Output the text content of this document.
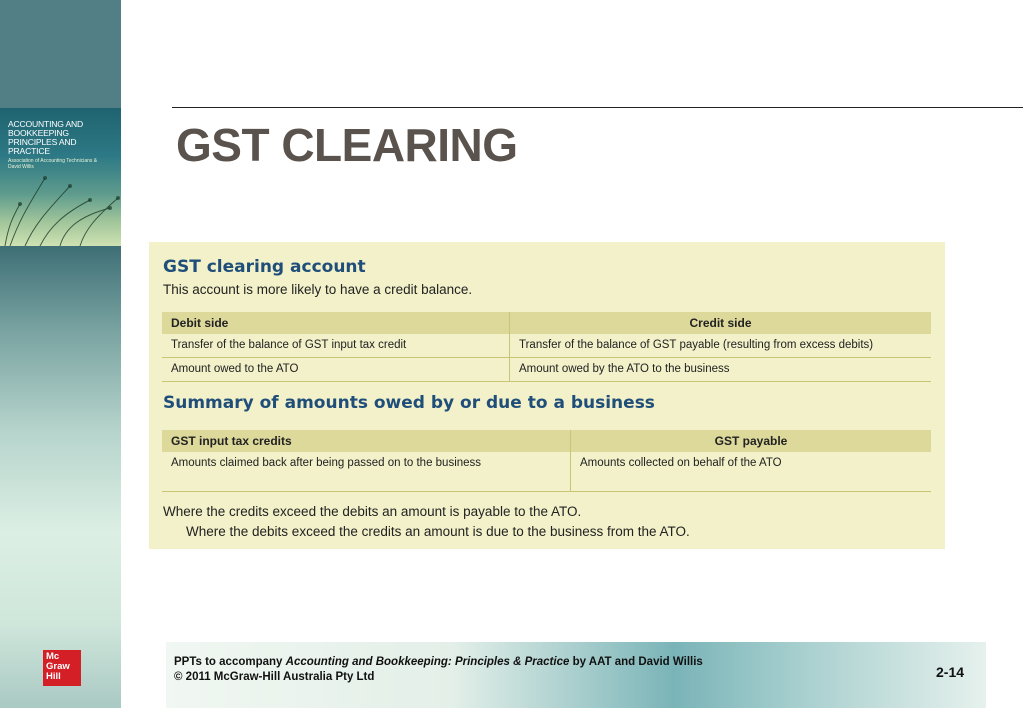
ACCOUNTING AND BOOKKEEPING PRINCIPLES AND PRACTICE
Association of Accounting Technicians & David Willis
Mc
Graw
Hill
GST CLEARING
GST clearing account
This account is more likely to have a credit balance.
Debit side	Credit side
Transfer of the balance of GST input tax credit	Transfer of the balance of GST payable (resulting from excess debits)
Amount owed to the ATO	Amount owed by the ATO to the business
Summary of amounts owed by or due to a business
GST input tax credits	GST payable
Amounts claimed back after being passed on to the business	Amounts collected on behalf of the ATO
Where the credits exceed the debits an amount is payable to the ATO.
Where the debits exceed the credits an amount is due to the business from the ATO.
PPTs to accompany Accounting and Bookkeeping: Principles & Practice by AAT and David Willis
© 2011 McGraw-Hill Australia Pty Ltd	2-14
